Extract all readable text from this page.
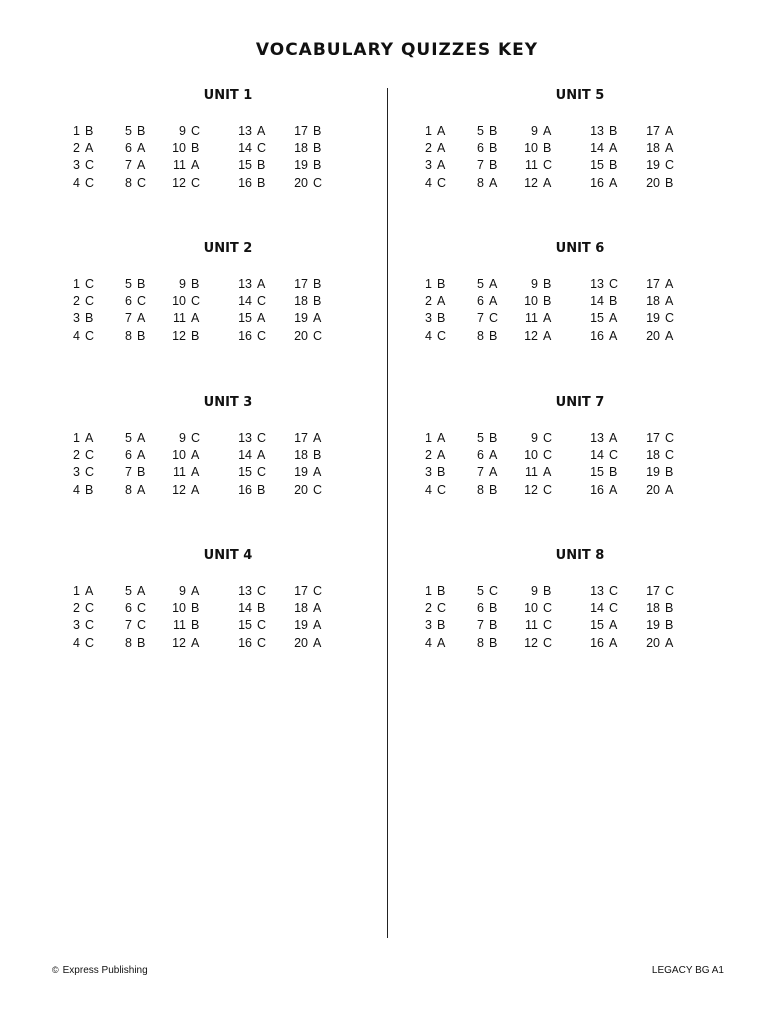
VOCABULARY QUIZZES KEY
UNIT 1
1 B
2 A
3 C
4 C
5 B
6 A
7 A
8 C
9 C
10 B
11 A
12 C
13 A
14 C
15 B
16 B
17 B
18 B
19 B
20 C
UNIT 2
1 C
2 C
3 B
4 C
5 B
6 C
7 A
8 B
9 B
10 C
11 A
12 B
13 A
14 C
15 A
16 C
17 B
18 B
19 A
20 C
UNIT 3
1 A
2 C
3 C
4 B
5 A
6 A
7 B
8 A
9 C
10 A
11 A
12 A
13 C
14 A
15 C
16 B
17 A
18 B
19 A
20 C
UNIT 4
1 A
2 C
3 C
4 C
5 A
6 C
7 C
8 B
9 A
10 B
11 B
12 A
13 C
14 B
15 C
16 C
17 C
18 A
19 A
20 A
UNIT 5
1 A
2 A
3 A
4 C
5 B
6 B
7 B
8 A
9 A
10 B
11 C
12 A
13 B
14 A
15 B
16 A
17 A
18 A
19 C
20 B
UNIT 6
1 B
2 A
3 B
4 C
5 A
6 A
7 C
8 B
9 B
10 B
11 A
12 A
13 C
14 B
15 A
16 A
17 A
18 A
19 C
20 A
UNIT 7
1 A
2 A
3 B
4 C
5 B
6 A
7 A
8 B
9 C
10 C
11 A
12 C
13 A
14 C
15 B
16 A
17 C
18 C
19 B
20 A
UNIT 8
1 B
2 C
3 B
4 A
5 C
6 B
7 B
8 B
9 B
10 C
11 C
12 C
13 C
14 C
15 A
16 A
17 C
18 B
19 B
20 A
© Express Publishing	LEGACY BG A1
